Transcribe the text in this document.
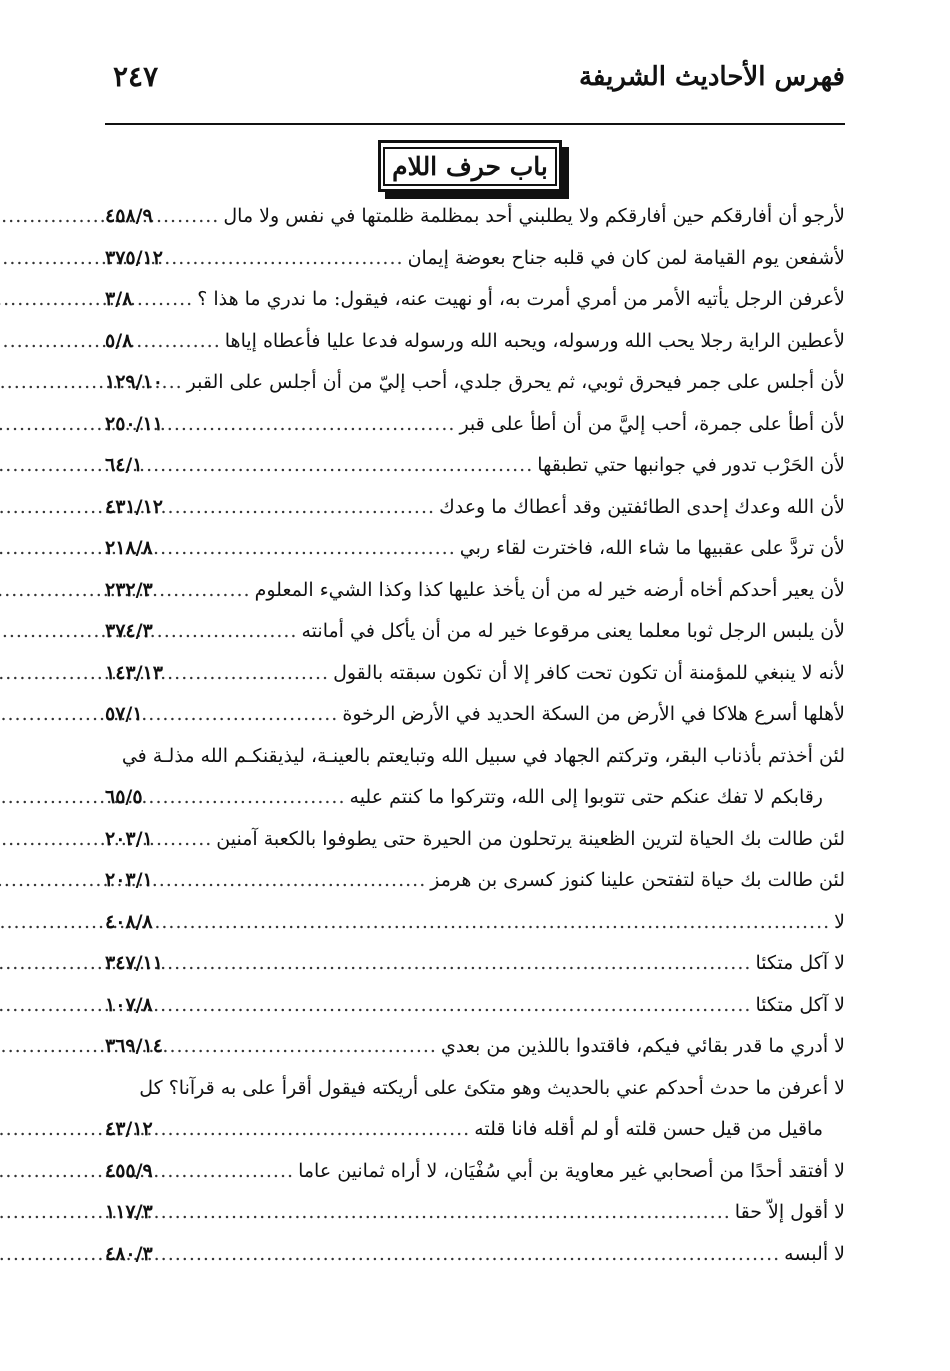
فهرس الأحاديث الشريفة
٢٤٧
باب حرف اللام
لأرجو أن أفارقكم حين أفارقكم ولا يطلبني أحد بمظلمة ظلمتها في نفس ولا مال
.....
٤٥٨/٩
لأشفعن يوم القيامة لمن كان في قلبه جناح بعوضة إيمان
.....
٣٧٥/١٢
لأعرفن الرجل يأتيه الأمر من أمري أمرت به، أو نهيت عنه، فيقول: ما ندري ما هذا ؟
.....
٣/٨
لأعطين الراية رجلا يحب الله ورسوله، ويحبه الله ورسوله فدعا عليا فأعطاه إياها
.....
٥/٨
لأن أجلس على جمر فيحرق ثوبي، ثم يحرق جلدي، أحب إليّ من أن أجلس على القبر
.....
١٢٩/١٠
لأن أطأ على جمرة، أحب إليَّ من أن أطأ على قبر
.....
٢٥٠/١١
لأن الحَرْب تدور في جوانبها حتي تطبقها
.....
٦٤/١
لأن الله وعدك إحدى الطائفتين وقد أعطاك ما وعدك
.....
٤٣١/١٢
لأن تردَّ على عقبيها ما شاء الله، فاخترت لقاء ربي
.....
٢١٨/٨
لأن يعير أحدكم أخاه أرضه خير له من أن يأخذ عليها كذا وكذا الشيء المعلوم
.....
٢٣٢/٣
لأن يلبس الرجل ثوبا معلما يعنى مرقوعا خير له من أن يأكل في أمانته
.....
٣٧٤/٣
لأنه لا ينبغي للمؤمنة أن تكون تحت كافر إلا أن تكون سبقته بالقول
.....
١٤٣/١٣
لأهلها أسرع هلاكا في الأرض من السكة الحديد في الأرض الرخوة
.....
٥٧/١
لئن أخذتم بأذناب البقر، وتركتم الجهاد في سبيل الله وتبايعتم بالعينـة، ليذيقنكـم الله مذلـة في
رقابكم لا تفك عنكم حتى تتوبوا إلى الله، وتتركوا ما كنتم عليه
.....
٦٥/٥
لئن طالت بك الحياة لترين الظعينة يرتحلون من الحيرة حتى يطوفوا بالكعبة آمنين
.....
٢٠٣/١
لئن طالت بك حياة لتفتحن علينا كنوز كسرى بن هرمز
.....
٢٠٣/١
لا
.....
٤٠٨/٨
لا آكل متكئا
.....
٣٤٧/١١
لا آكل متكئا
.....
١٠٧/٨
لا أدري ما قدر بقائي فيكم، فاقتدوا باللذين من بعدي
.....
٣٦٩/١٤
لا أعرفن ما حدث أحدكم عني بالحديث وهو متكئ على أريكته فيقول أقرأ على به قرآنا؟ كل
ماقيل من قيل حسن قلته أو لم أقله فانا قلته
.....
٤٣/١٢
لا أفتقد أحدًا من أصحابي غير معاوية بن أبي سُفْيَان، لا أراه ثمانين عاما
.....
٤٥٥/٩
لا أقول إلاّ حقا
.....
١١٧/٣
لا ألبسه
.....
٤٨٠/٣
